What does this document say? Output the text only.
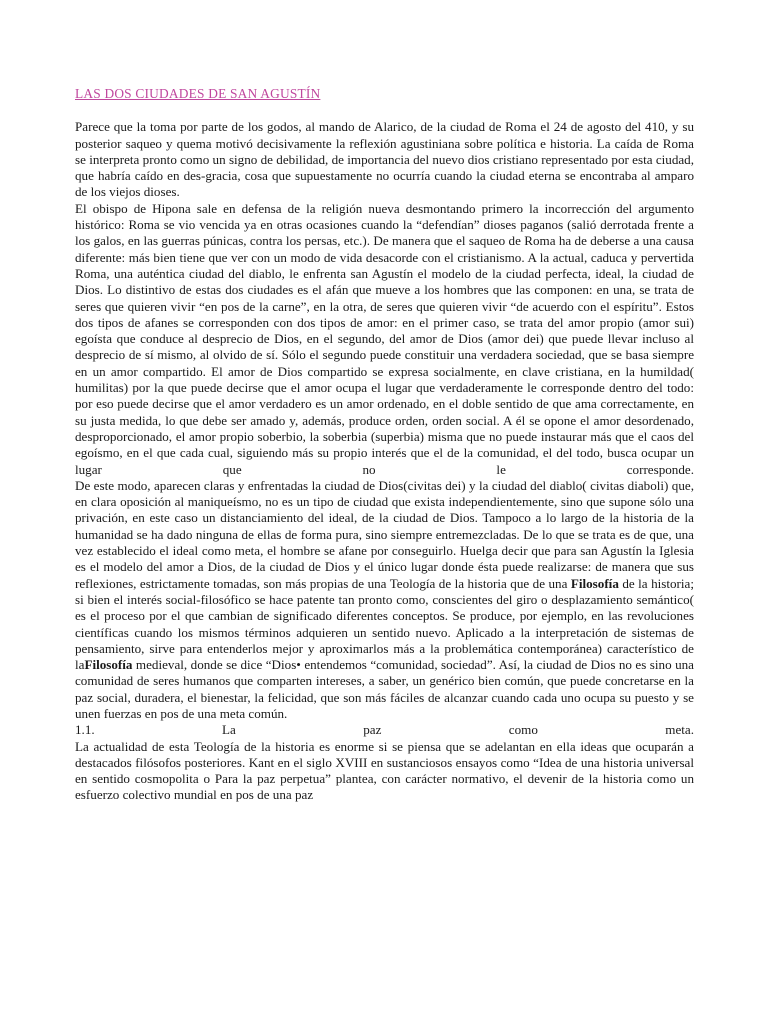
LAS DOS CIUDADES DE SAN AGUSTÍN

Parece que la toma por parte de los godos, al mando de Alarico, de la ciudad de Roma el 24 de agosto del 410, y su posterior saqueo y quema motivó decisivamente la reflexión agustiniana sobre política e historia. La caída de Roma se interpreta pronto como un signo de debilidad, de importancia del nuevo dios cristiano representado por esta ciudad, que habría caído en des-gracia, cosa que supuestamente no ocurría cuando la ciudad eterna se encontraba al amparo de los viejos dioses.

El obispo de Hipona sale en defensa de la religión nueva desmontando primero la incorrección del argumento histórico: Roma se vio vencida ya en otras ocasiones cuando la “defendían” dioses paganos (salió derrotada frente a los galos, en las guerras púnicas, contra los persas, etc.). De manera que el saqueo de Roma ha de deberse a una causa diferente: más bien tiene que ver con un modo de vida desacorde con el cristianismo. A la actual, caduca y pervertida Roma, una auténtica ciudad del diablo, le enfrenta san Agustín el modelo de la ciudad perfecta, ideal, la ciudad de Dios. Lo distintivo de estas dos ciudades es el afán que mueve a los hombres que las componen: en una, se trata de seres que quieren vivir “en pos de la carne”, en la otra, de seres que quieren vivir “de acuerdo con el espíritu”. Estos dos tipos de afanes se corresponden con dos tipos de amor: en el primer caso, se trata del amor propio (amor sui) egoísta que conduce al desprecio de Dios, en el segundo, del amor de Dios (amor dei) que puede llevar incluso al desprecio de sí mismo, al olvido de sí. Sólo el segundo puede constituir una verdadera sociedad, que se basa siempre en un amor compartido. El amor de Dios compartido se expresa socialmente, en clave cristiana, en la humildad( humilitas) por la que puede decirse que el amor ocupa el lugar que verdaderamente le corresponde dentro del todo: por eso puede decirse que el amor verdadero es un amor ordenado, en el doble sentido de que ama correctamente, en su justa medida, lo que debe ser amado y, además, produce orden, orden social. A él se opone el amor desordenado, desproporcionado, el amor propio soberbio, la soberbia (superbia) misma que no puede instaurar más que el caos del egoísmo, en el que cada cual, siguiendo más su propio interés que el de la comunidad, el del todo, busca ocupar un lugar que no le corresponde.

De este modo, aparecen claras y enfrentadas la ciudad de Dios(civitas dei) y la ciudad del diablo( civitas diaboli) que, en clara oposición al maniqueísmo, no es un tipo de ciudad que exista independientemente, sino que supone sólo una privación, en este caso un distanciamiento del ideal, de la ciudad de Dios. Tampoco a lo largo de la historia de la humanidad se ha dado ninguna de ellas de forma pura, sino siempre entremezcladas. De lo que se trata es de que, una vez establecido el ideal como meta, el hombre se afane por conseguirlo. Huelga decir que para san Agustín la Iglesia es el modelo del amor a Dios, de la ciudad de Dios y el único lugar donde ésta puede realizarse: de manera que sus reflexiones, estrictamente tomadas, son más propias de una Teología de la historia que de una Filosofía de la historia; si bien el interés social-filosófico se hace patente tan pronto como, conscientes del giro o desplazamiento semántico( es el proceso por el que cambian de significado diferentes conceptos. Se produce, por ejemplo, en las revoluciones científicas cuando los mismos términos adquieren un sentido nuevo. Aplicado a la interpretación de sistemas de pensamiento, sirve para entenderlos mejor y aproximarlos más a la problemática contemporánea) característico de laFilosofía medieval, donde se dice “Dios• entendemos “comunidad, sociedad”. Así, la ciudad de Dios no es sino una comunidad de seres humanos que comparten intereses, a saber, un genérico bien común, que puede concretarse en la paz social, duradera, el bienestar, la felicidad, que son más fáciles de alcanzar cuando cada uno ocupa su puesto y se unen fuerzas en pos de una meta común.

1.1. La paz como meta.

La actualidad de esta Teología de la historia es enorme si se piensa que se adelantan en ella ideas que ocuparán a destacados filósofos posteriores. Kant en el siglo XVIII en sustanciosos ensayos como “Idea de una historia universal en sentido cosmopolita o Para la paz perpetua” plantea, con carácter normativo, el devenir de la historia como un esfuerzo colectivo mundial en pos de una paz
